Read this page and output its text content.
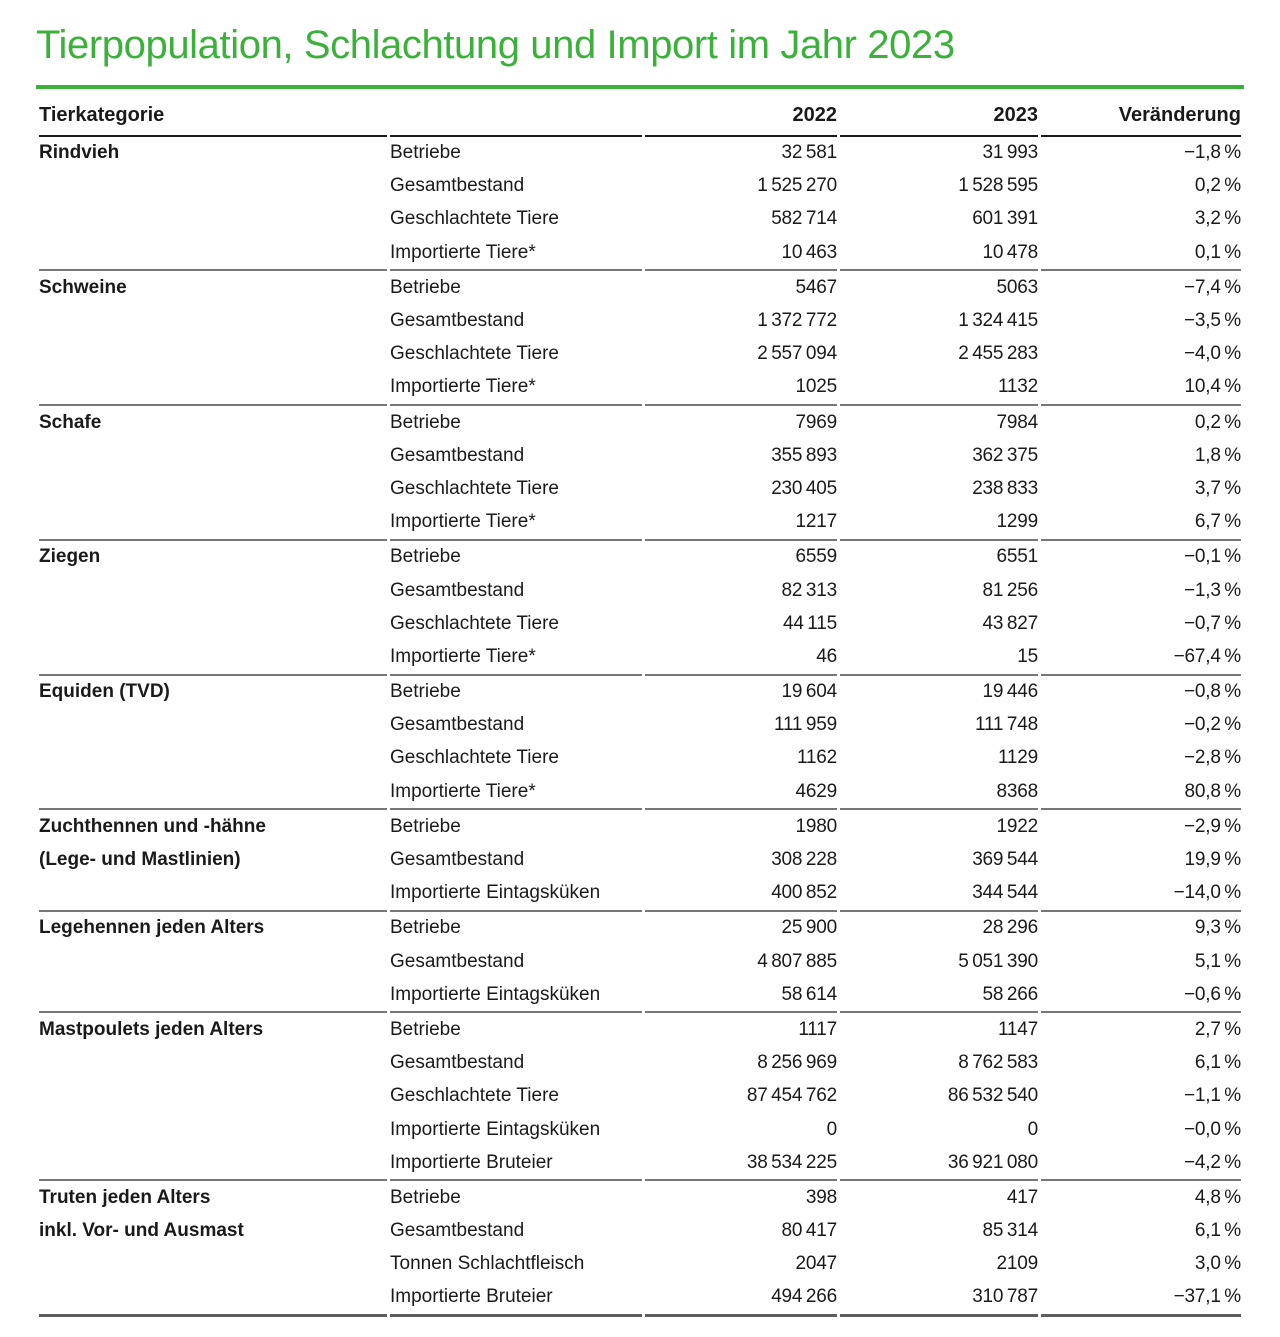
Tierpopulation, Schlachtung und Import im Jahr 2023
Tierkategorie		2022	2023	Veränderung
Rindvieh	Betriebe	32 581	31 993	−1,8 %
	Gesamtbestand	1 525 270	1 528 595	0,2 %
	Geschlachtete Tiere	582 714	601 391	3,2 %
	Importierte Tiere*	10 463	10 478	0,1 %
Schweine	Betriebe	5467	5063	−7,4 %
	Gesamtbestand	1 372 772	1 324 415	−3,5 %
	Geschlachtete Tiere	2 557 094	2 455 283	−4,0 %
	Importierte Tiere*	1025	1132	10,4 %
Schafe	Betriebe	7969	7984	0,2 %
	Gesamtbestand	355 893	362 375	1,8 %
	Geschlachtete Tiere	230 405	238 833	3,7 %
	Importierte Tiere*	1217	1299	6,7 %
Ziegen	Betriebe	6559	6551	−0,1 %
	Gesamtbestand	82 313	81 256	−1,3 %
	Geschlachtete Tiere	44 115	43 827	−0,7 %
	Importierte Tiere*	46	15	−67,4 %
Equiden (TVD)	Betriebe	19 604	19 446	−0,8 %
	Gesamtbestand	111 959	111 748	−0,2 %
	Geschlachtete Tiere	1162	1129	−2,8 %
	Importierte Tiere*	4629	8368	80,8 %
Zuchthennen und -hähne	Betriebe	1980	1922	−2,9 %
(Lege- und Mastlinien)	Gesamtbestand	308 228	369 544	19,9 %
	Importierte Eintagsküken	400 852	344 544	−14,0 %
Legehennen jeden Alters	Betriebe	25 900	28 296	9,3 %
	Gesamtbestand	4 807 885	5 051 390	5,1 %
	Importierte Eintagsküken	58 614	58 266	−0,6 %
Mastpoulets jeden Alters	Betriebe	1117	1147	2,7 %
	Gesamtbestand	8 256 969	8 762 583	6,1 %
	Geschlachtete Tiere	87 454 762	86 532 540	−1,1 %
	Importierte Eintagsküken	0	0	−0,0 %
	Importierte Bruteier	38 534 225	36 921 080	−4,2 %
Truten jeden Alters	Betriebe	398	417	4,8 %
inkl. Vor- und Ausmast	Gesamtbestand	80 417	85 314	6,1 %
	Tonnen Schlachtfleisch	2047	2109	3,0 %
	Importierte Bruteier	494 266	310 787	−37,1 %
